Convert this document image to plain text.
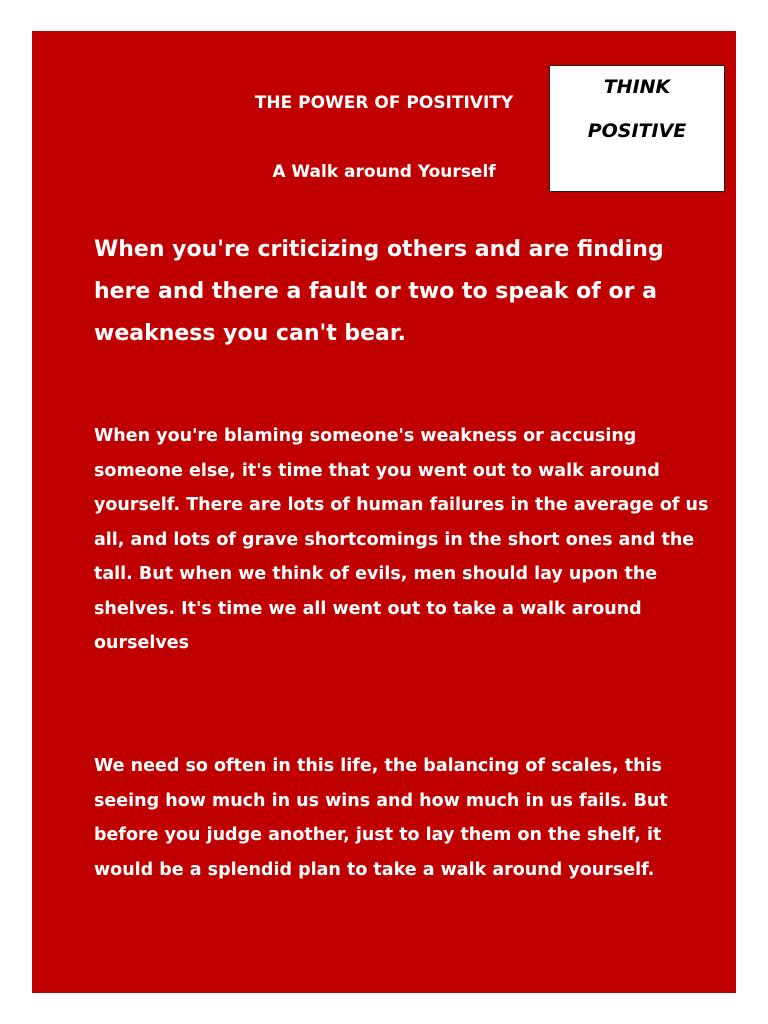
THE POWER OF POSITIVITY
A Walk around Yourself
THINK
POSITIVE

When you're criticizing others and are finding here and there a fault or two to speak of or a weakness you can't bear.

When you're blaming someone's weakness or accusing someone else, it's time that you went out to walk around yourself. There are lots of human failures in the average of us all, and lots of grave shortcomings in the short ones and the tall. But when we think of evils, men should lay upon the shelves. It's time we all went out to take a walk around ourselves

We need so often in this life, the balancing of scales, this seeing how much in us wins and how much in us fails. But before you judge another, just to lay them on the shelf, it would be a splendid plan to take a walk around yourself.
